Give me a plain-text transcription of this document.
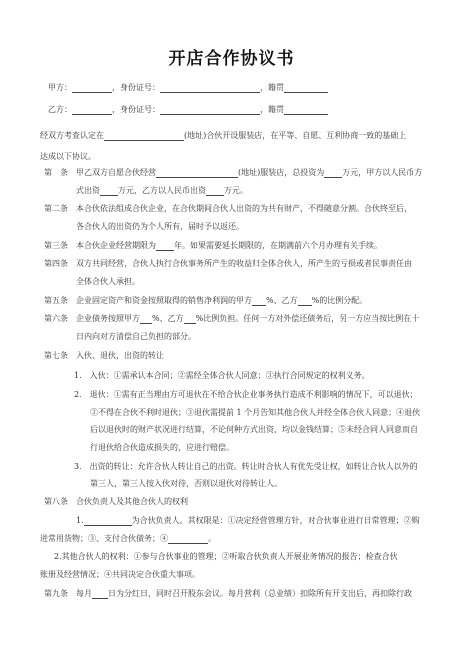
开店合作协议书
甲方：	，身份证号：	，籍贯
乙方：	，身份证号：	，籍贯
经双方考查认定在	(地址)合伙开设服装店，在平等、自愿、互利协商一致的基础上
达成以下协议。
第　条 甲乙双方自愿合伙经营	(地址)服装店，总投资为 万元，甲方以人民币方
式出资 万元，乙方以人民币出资 万元。
第二条 本合伙依法组成合伙企业，在合伙期间合伙人出资的为共有财产，不得随意分割。合伙终至后，
各合伙人的出资仍为个人所有，届时予以返还。
第三条 本合伙企业经营期限为 年。如果需要延长期限的，在期满前六个月办理有关手续。
第四条 双方共同经营，合伙人执行合伙事务所产生的收益归全体合伙人，所产生的亏损或者民事责任由
全体合伙人承担。
第五条 企业固定资产和资金按照取得的销售净利润的甲方 %、乙方 %的比例分配。
第六条 企业债务按照甲方 %、乙方 %比例负担。任何一方对外偿还债务后，另一方应当按比例在十
日内向对方清偿自己负担的部分。
第七条 入伙、退伙，出资的转让
1.　入伙：①需承认本合同；②需经全体合伙人同意；③执行合同规定的权利义务。
2.　退伙：①需有正当理由方可退伙在不给合伙企业事务执行造成不利影响的情况下，可以退伙；
②不得在合伙不利时退伙；③退伙需提前 1 个月告知其他合伙人并经全体合伙人同意；④退伙
后以退伙时的财产状况进行结算，不论何种方式出资，均以金钱结算；⑤未经合同人同意而自
行退伙给合伙造成损失的，应进行赔偿。
3.　出资的转让：允许合伙人转让自己的出资。转让时合伙人有优先受让权，如转让合伙人以外的
第三人，第三人按入伙对待，否则以退伙对待转让人。
第八条 合伙负责人及其他合伙人的权利
1.	为合伙负责人。其权限是：①决定经营管理方针，对合伙事业进行日常管理；②购
进常用货物；③、支付合伙债务；④	。
2.其他合伙人的权利：①参与合伙事业的管理；②听取合伙负责人开展业务情况的报告；检查合伙
账册及经营情况；④共同决定合伙重大事项。
第九条 每月 日为分红日，同时召开股东会议。每月营利（总业绩）扣除所有开支出后，再扣除行政
